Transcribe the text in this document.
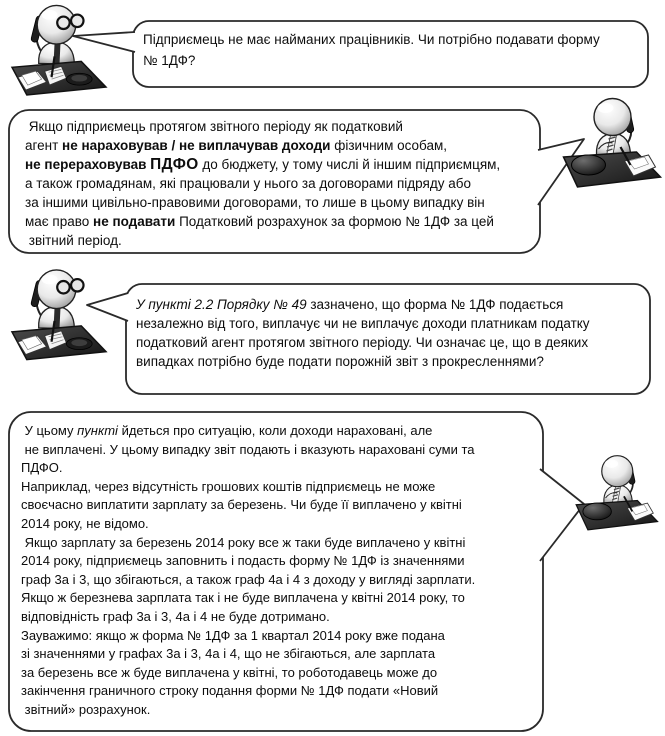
Підприємець не має найманих працівників. Чи потрібно подавати форму
№ 1ДФ?
Якщо підприємець протягом звітного періоду як податковий
агент не нараховував / не виплачував доходи фізичним особам,
не перераховував ПДФО до бюджету, у тому числі й іншим підприємцям,
а також громадянам, які працювали у нього за договорами підряду або
за іншими цивільно-правовими договорами, то лише в цьому випадку він
має право не подавати Податковий розрахунок за формою № 1ДФ за цей
звітний період.
У пункті 2.2 Порядку № 49 зазначено, що форма № 1ДФ подається
незалежно від того, виплачує чи не виплачує доходи платникам податку
податковий агент протягом звітного періоду. Чи означає це, що в деяких
випадках потрібно буде подати порожній звіт з прокресленнями?
У цьому пункті йдеться про ситуацію, коли доходи нараховані, але
не виплачені. У цьому випадку звіт подають і вказують нараховані суми та
ПДФО.
Наприклад, через відсутність грошових коштів підприємець не може
своєчасно виплатити зарплату за березень. Чи буде її виплачено у квітні
2014 року, не відомо.
Якщо зарплату за березень 2014 року все ж таки буде виплачено у квітні
2014 року, підприємець заповнить і подасть форму № 1ДФ із значеннями
граф 3а і 3, що збігаються, а також граф 4а і 4 з доходу у вигляді зарплати.
Якщо ж березнева зарплата так і не буде виплачена у квітні 2014 року, то
відповідність граф 3а і 3, 4а і 4 не буде дотримано.
Зауважимо: якщо ж форма № 1ДФ за 1 квартал 2014 року вже подана
зі значеннями у графах 3а і 3, 4а і 4, що не збігаються, але зарплата
за березень все ж буде виплачена у квітні, то роботодавець може до
закінчення граничного строку подання форми № 1ДФ подати «Новий
звітний» розрахунок.
